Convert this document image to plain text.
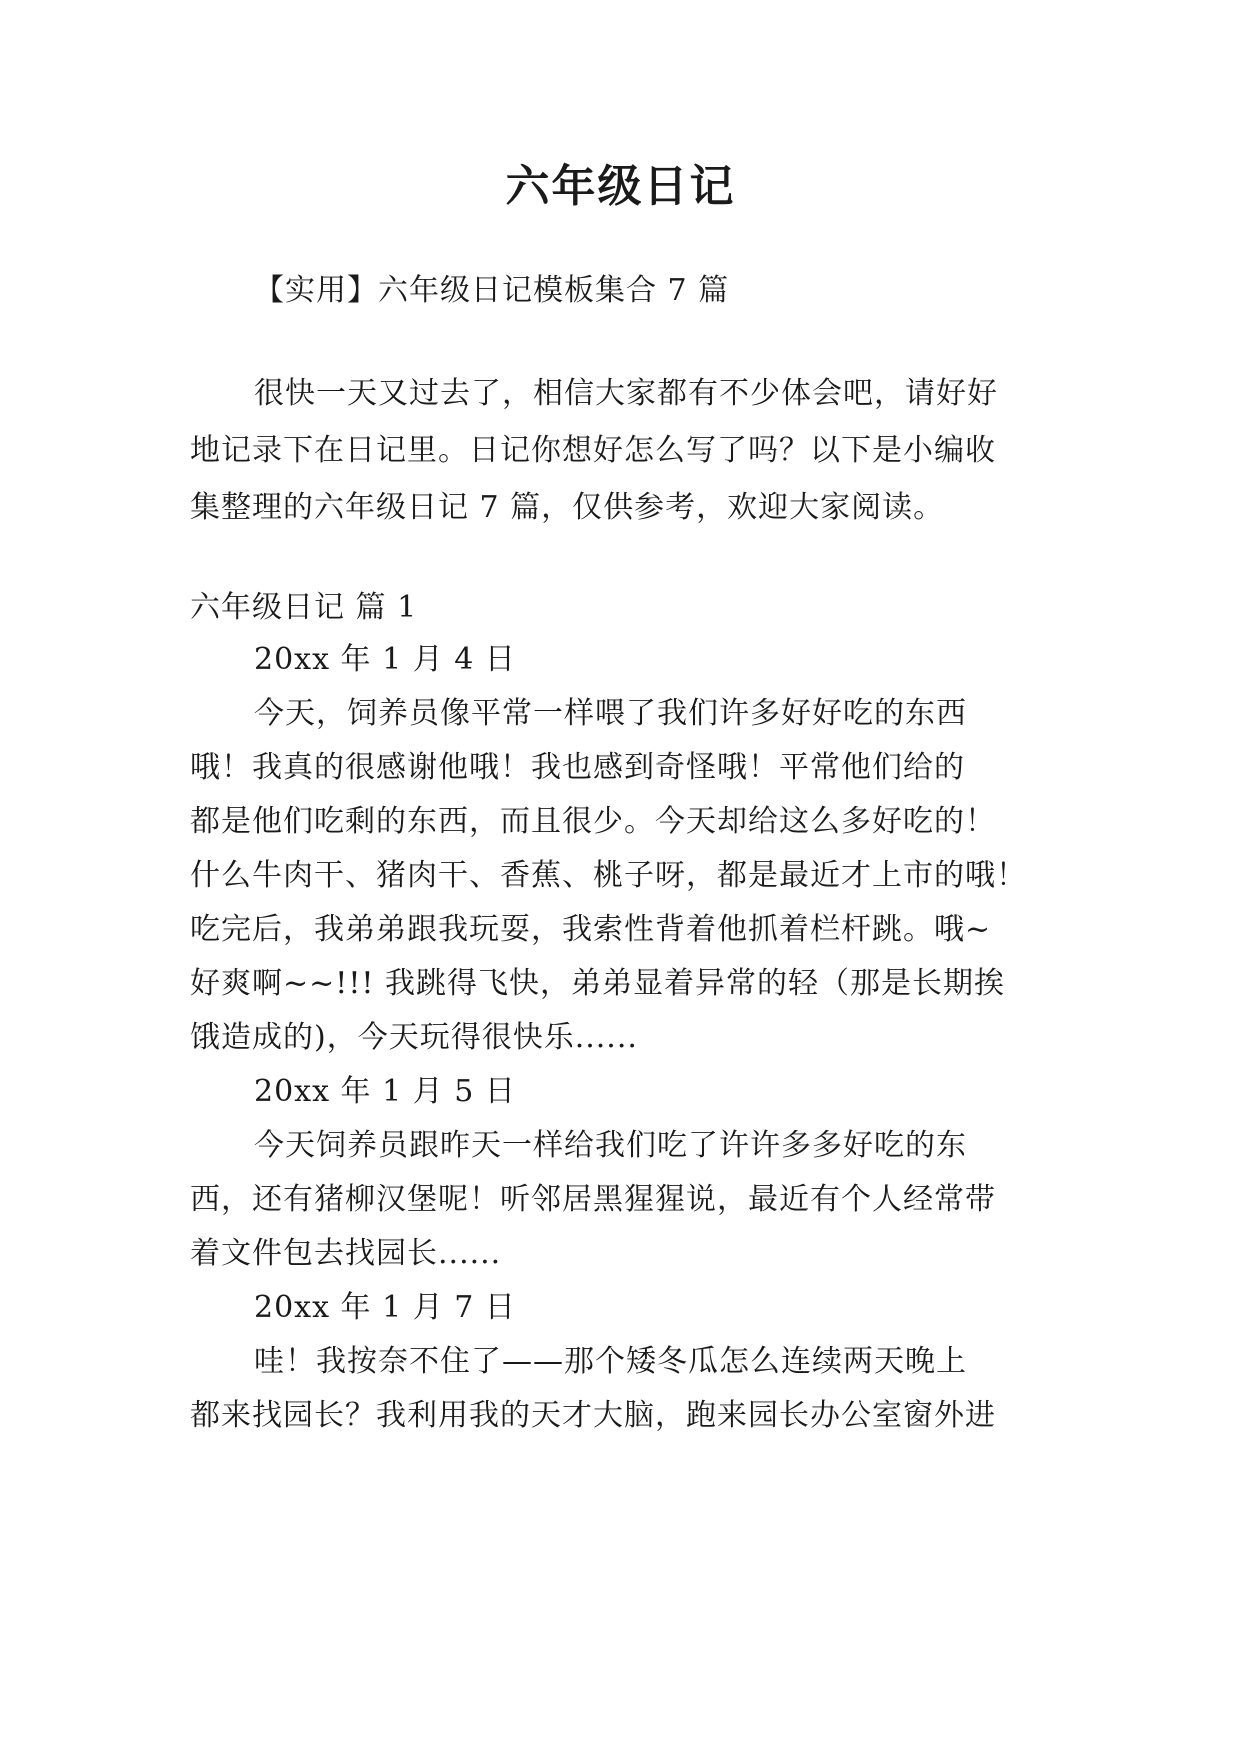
六年级日记
【实用】六年级日记模板集合 7 篇
很快一天又过去了，相信大家都有不少体会吧，请好好
地记录下在日记里。日记你想好怎么写了吗？以下是小编收
集整理的六年级日记 7 篇，仅供参考，欢迎大家阅读。
六年级日记 篇 1
20xx 年 1 月 4 日
今天，饲养员像平常一样喂了我们许多好好吃的东西
哦！我真的很感谢他哦！我也感到奇怪哦！平常他们给的
都是他们吃剩的东西，而且很少。今天却给这么多好吃的！
什么牛肉干、猪肉干、香蕉、桃子呀，都是最近才上市的哦！
吃完后，我弟弟跟我玩耍，我索性背着他抓着栏杆跳。哦~
好爽啊~~!!! 我跳得飞快，弟弟显着异常的轻（那是长期挨
饿造成的)，今天玩得很快乐......
20xx 年 1 月 5 日
今天饲养员跟昨天一样给我们吃了许许多多好吃的东
西，还有猪柳汉堡呢！听邻居黑猩猩说，最近有个人经常带
着文件包去找园长......
20xx 年 1 月 7 日
哇！我按奈不住了——那个矮冬瓜怎么连续两天晚上
都来找园长？我利用我的天才大脑，跑来园长办公室窗外进
